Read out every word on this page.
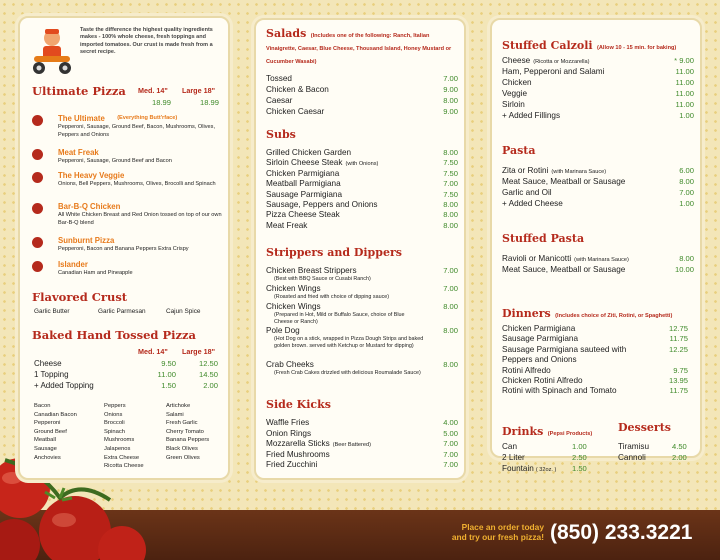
Place an order today
and try our fresh pizza! (850) 233.3221
Taste the difference the highest quality ingredients makes - 100% whole cheese, fresh toppings and imported tomatoes. Our crust is made fresh from a secret recipe.
Ultimate Pizza Med. 14" Large 18"
18.99	18.99
The Ultimate (Everything Butt'rface)
Pepperoni, Sausage, Ground Beef, Bacon, Mushrooms, Olives, Peppers and Onions
Meat Freak
Pepperoni, Sausage, Ground Beef and Bacon
The Heavy Veggie
Onions, Bell Peppers, Mushrooms, Olives, Brocolli and Spinach
Bar-B-Q Chicken
All White Chicken Breast and Red Onion tossed on top of our own Bar-B-Q blend
Sunburnt Pizza
Pepperoni, Bacon and Banana Peppers Extra Crispy
Islander
Canadian Ham and Pineapple
Flavored Crust
Garlic Butter	Garlic Parmesan	Cajun Spice
Baked Hand Tossed Pizza
Med. 14" Large 18"
Cheese	9.50	12.50
1 Topping	11.00	14.50
+ Added Topping	1.50	2.00
Bacon
Canadian Bacon
Pepperoni
Ground Beef
Meatball
Sausage
Anchovies
Peppers
Onions
Broccoli
Spinach
Mushrooms
Jalapenos
Extra Cheese
Ricotta Cheese
Artichoke
Salami
Fresh Garlic
Cherry Tomato
Banana Peppers
Black Olives
Green Olives
Salads (Includes one of the following: Ranch, Italian Vinaigrette, Caesar, Blue Cheese, Thousand Island, Honey Mustard or Cucumber Wasabi)
Tossed	7.00
Chicken & Bacon	9.00
Caesar	8.00
Chicken Caesar	9.00
Subs
Grilled Chicken Garden	8.00
Sirloin Cheese Steak (with Onions)	7.50
Chicken Parmigiana	7.50
Meatball Parmigiana	7.00
Sausage Parmigiana	7.50
Sausage, Peppers and Onions	8.00
Pizza Cheese Steak	8.00
Meat Freak	8.00
Strippers and Dippers
Chicken Breast Strippers	7.00
(Best with BBQ Sauce or Cusabi Ranch)
Chicken Wings	7.00
(Roasted and fried with choice of dipping sauce)
Chicken Wings	8.00
(Prepared in Hot, Mild or Buffalo Sauce, choice of Blue Cheese or Ranch)
Pole Dog	8.00
(Hot Dog on a stick, wrapped in Pizza Dough Strips and baked golden brown. served with Ketchup or Mustard for dipping)
Crab Cheeks	8.00
(Fresh Crab Cakes drizzled with delicious Roumalade Sauce)
Side Kicks
Waffle Fries	4.00
Onion Rings	5.00
Mozzarella Sticks (Beer Battered)	7.00
Fried Mushrooms	7.00
Fried Zucchini	7.00
Stuffed Calzoli (Allow 10 - 15 min. for baking)
Cheese (Ricotta or Mozzarella)	* 9.00
Ham, Pepperoni and Salami	11.00
Chicken	11.00
Veggie	11.00
Sirloin	11.00
+ Added Fillings	1.00
Pasta
Zita or Rotini (with Marinara Sauce)	6.00
Meat Sauce, Meatball or Sausage	8.00
Garlic and Oil	7.00
+ Added Cheese	1.00
Stuffed Pasta
Ravioli or Manicotti (with Marinara Sauce)	8.00
Meat Sauce, Meatball or Sausage	10.00
Dinners (Includes choice of Ziti, Rotini, or Spaghetti)
Chicken Parmigiana	12.75
Sausage Parmigiana	11.75
Sausage Parmigiana sauteed with	12.25
Peppers and Onions
Rotini Alfredo	9.75
Chicken Rotini Alfredo	13.95
Rotini with Spinach and Tomato	11.75
Drinks (Pepsi Products) Desserts
Can	1.00
2 Liter	2.50
Fountain ( 32oz. ) 1.50
Tiramisu	4.50
Cannoli	2.00
